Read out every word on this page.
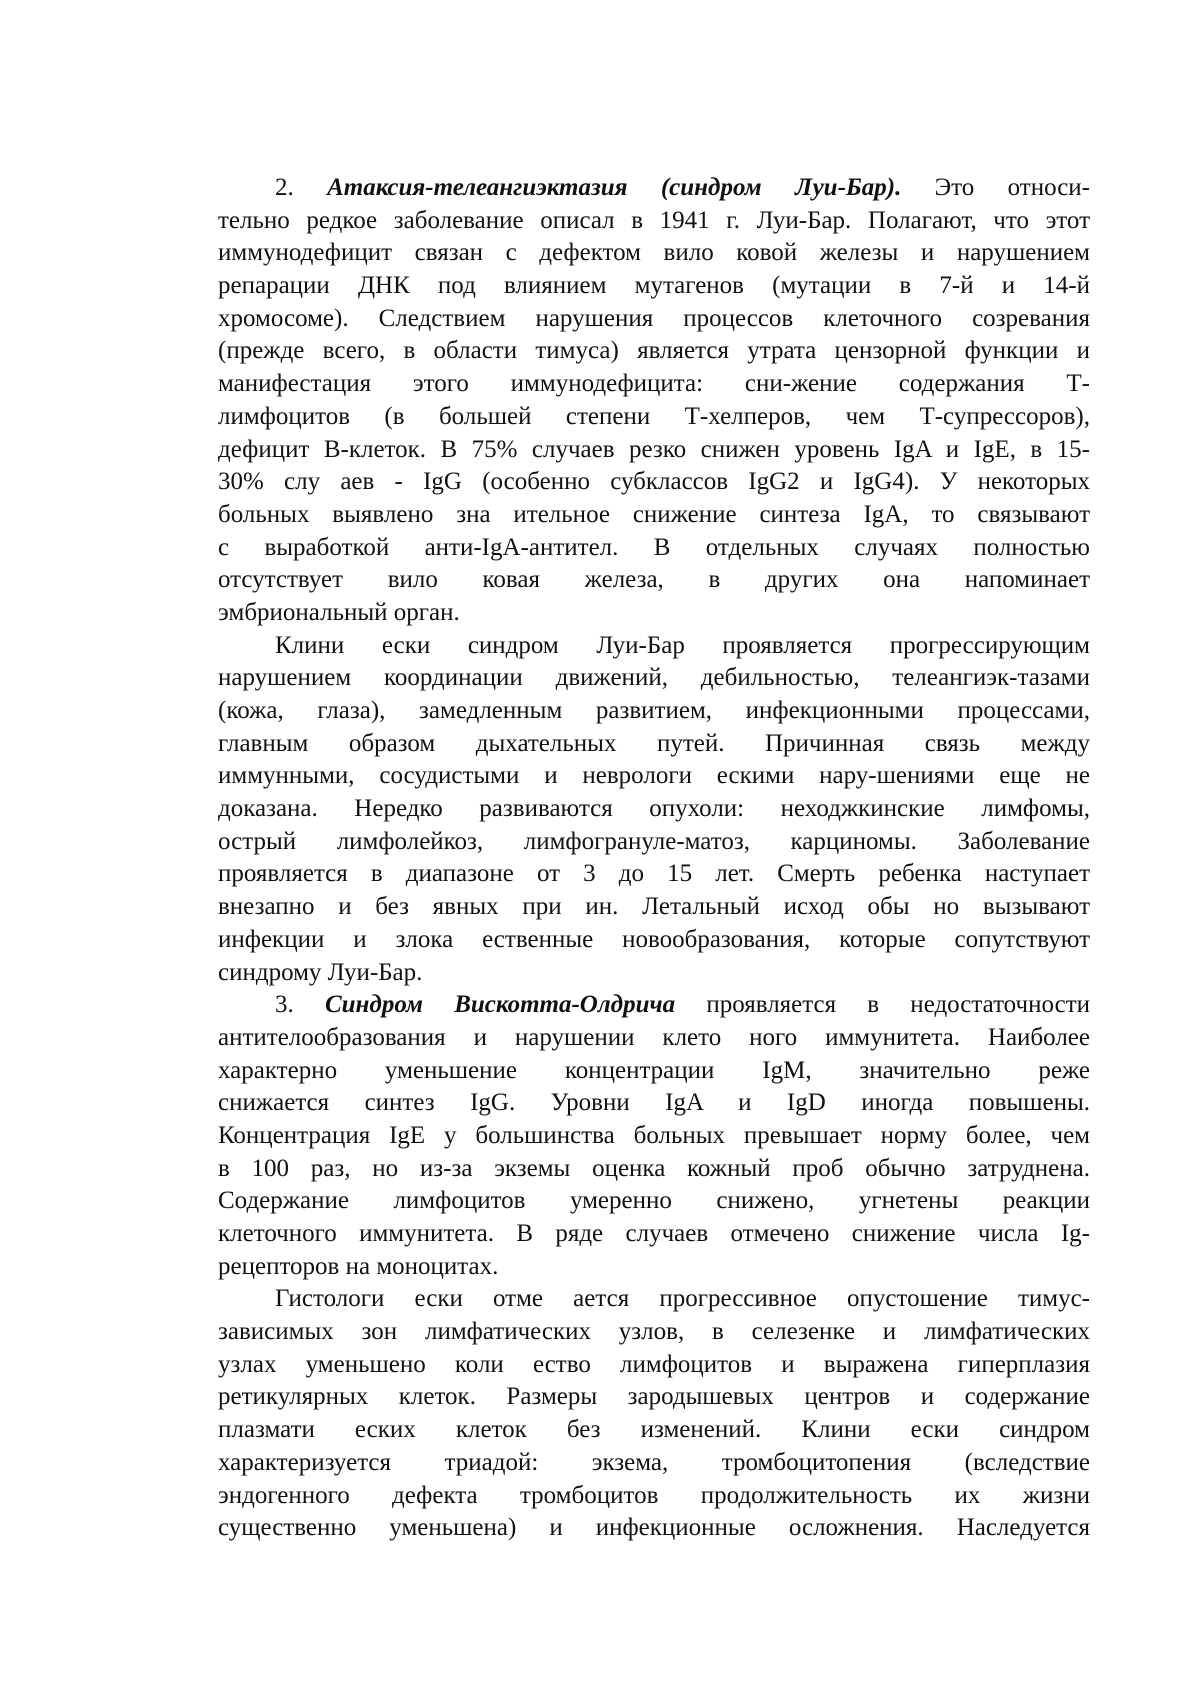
2. Атаксия-телеангиэктазия (синдром Луи-Бар). Это относи-
тельно редкое заболевание описал в 1941 г. Луи-Бар. Полагают, что этот
иммунодефицит связан с дефектом вило ковой железы и нарушением
репарации ДНК под влиянием мутагенов (мутации в 7-й и 14-й
хромосоме). Следствием нарушения процессов клеточного созревания
(прежде всего, в области тимуса) является утрата цензорной функции и
манифестация этого иммунодефицита: сни-жение содержания Т-
лимфоцитов (в большей степени Т-хелперов, чем Т-супрессоров),
дефицит В-клеток. В 75% случаев резко снижен уровень IgA и IgE, в 15-
30% слу аев - IgG (особенно субклассов IgG2 и IgG4). У некоторых
больных выявлено зна ительное снижение синтеза IgA, то связывают
с выработкой анти-IgA-антител. В отдельных случаях полностью
отсутствует вило ковая железа, в других она напоминает
эмбриональный орган.
Клини ески синдром Луи-Бар проявляется прогрессирующим
нарушением координации движений, дебильностью, телеангиэк-тазами
(кожа, глаза), замедленным развитием, инфекционными процессами,
главным образом дыхательных путей. Причинная связь между
иммунными, сосудистыми и неврологи ескими нару-шениями еще не
доказана. Нередко развиваются опухоли: неходжкинские лимфомы,
острый лимфолейкоз, лимфогрануле-матоз, карциномы. Заболевание
проявляется в диапазоне от 3 до 15 лет. Смерть ребенка наступает
внезапно и без явных при ин. Летальный исход обы но вызывают
инфекции и злока ественные новообразования, которые сопутствуют
синдрому Луи-Бар.
3. Синдром Вискотта-Олдрича проявляется в недостаточности
антителообразования и нарушении клето ного иммунитета. Наиболее
характерно уменьшение концентрации IgM, значительно реже
снижается синтез IgG. Уровни IgA и IgD иногда повышены.
Концентрация IgE у большинства больных превышает норму более, чем
в 100 раз, но из-за экземы оценка кожный проб обычно затруднена.
Содержание лимфоцитов умеренно снижено, угнетены реакции
клеточного иммунитета. В ряде случаев отмечено снижение числа Ig-
рецепторов на моноцитах.
Гистологи ески отме ается прогрессивное опустошение тимус-
зависимых зон лимфатических узлов, в селезенке и лимфатических
узлах уменьшено коли ество лимфоцитов и выражена гиперплазия
ретикулярных клеток. Размеры зародышевых центров и содержание
плазмати еских клеток без изменений. Клини ески синдром
характеризуется триадой: экзема, тромбоцитопения (вследствие
эндогенного дефекта тромбоцитов продолжительность их жизни
существенно уменьшена) и инфекционные осложнения. Наследуется
